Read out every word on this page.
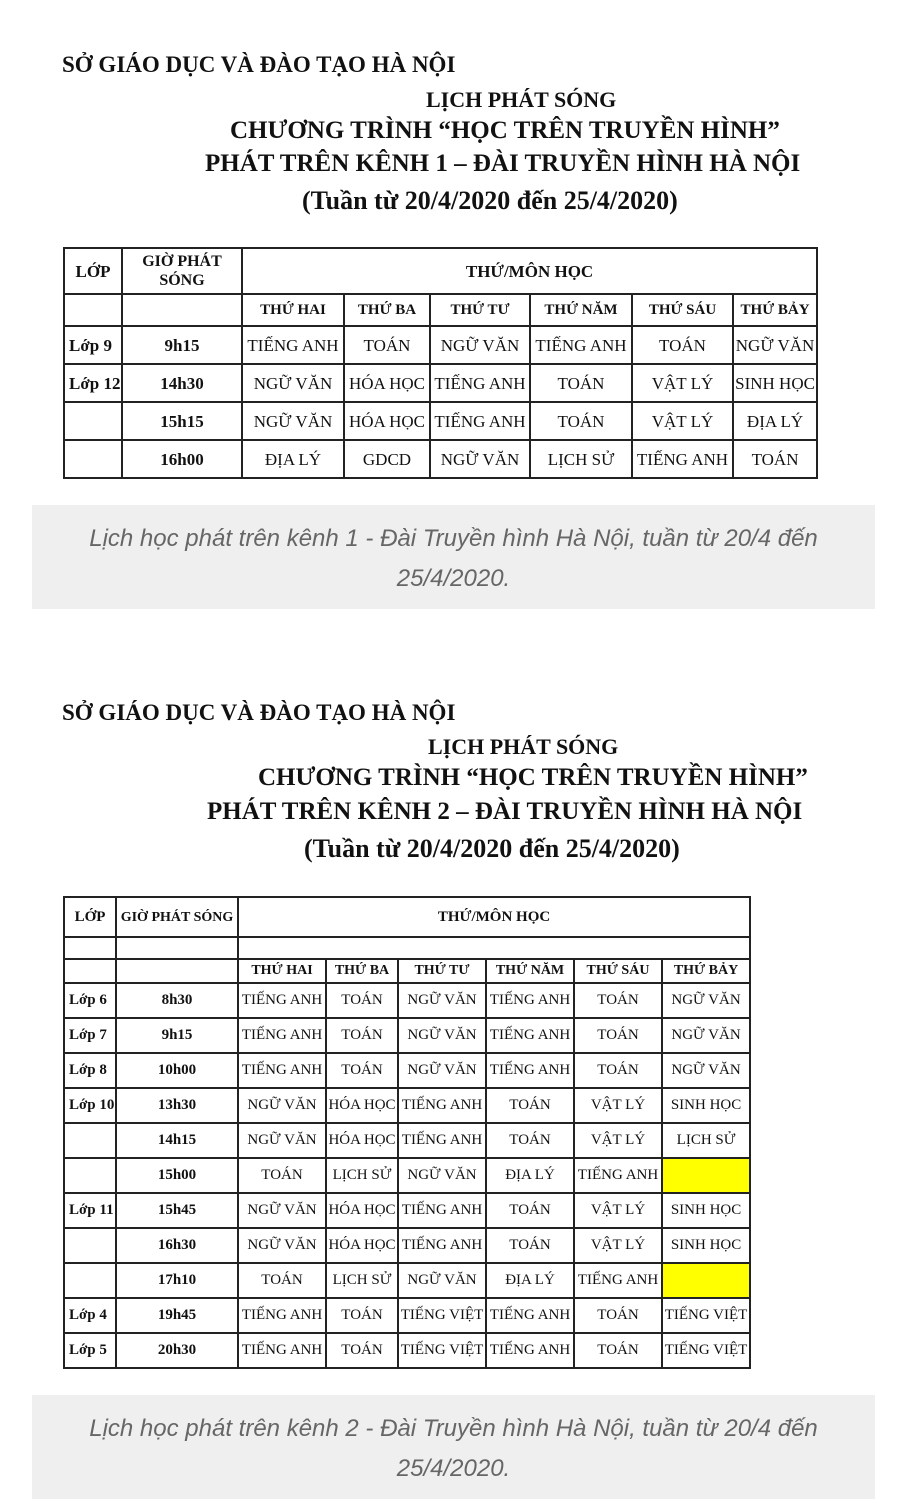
SỞ GIÁO DỤC VÀ ĐÀO TẠO HÀ NỘI
LỊCH PHÁT SÓNG
CHƯƠNG TRÌNH “HỌC TRÊN TRUYỀN HÌNH”
PHÁT TRÊN KÊNH 1 – ĐÀI TRUYỀN HÌNH HÀ NỘI
(Tuần từ 20/4/2020 đến 25/4/2020)
LỚP	GIỜ PHÁT SÓNG	THỨ/MÔN HỌC					
		THỨ HAI	THỨ BA	THỨ TƯ	THỨ NĂM	THỨ SÁU	THỨ BẢY
Lớp 9	9h15	TIẾNG ANH	TOÁN	NGỮ VĂN	TIẾNG ANH	TOÁN	NGỮ VĂN
Lớp 12	14h30	NGỮ VĂN	HÓA HỌC	TIẾNG ANH	TOÁN	VẬT LÝ	SINH HỌC
	15h15	NGỮ VĂN	HÓA HỌC	TIẾNG ANH	TOÁN	VẬT LÝ	ĐỊA LÝ
	16h00	ĐỊA LÝ	GDCD	NGỮ VĂN	LỊCH SỬ	TIẾNG ANH	TOÁN
Lịch học phát trên kênh 1 - Đài Truyền hình Hà Nội, tuần từ 20/4 đến 25/4/2020.
SỞ GIÁO DỤC VÀ ĐÀO TẠO HÀ NỘI
LỊCH PHÁT SÓNG
CHƯƠNG TRÌNH “HỌC TRÊN TRUYỀN HÌNH”
PHÁT TRÊN KÊNH 2 – ĐÀI TRUYỀN HÌNH HÀ NỘI
(Tuần từ 20/4/2020 đến 25/4/2020)
LỚP	GIỜ PHÁT SÓNG	THỨ/MÔN HỌC					

		THỨ HAI	THỨ BA	THỨ TƯ	THỨ NĂM	THỨ SÁU	THỨ BẢY
Lớp 6	8h30	TIẾNG ANH	TOÁN	NGỮ VĂN	TIẾNG ANH	TOÁN	NGỮ VĂN
Lớp 7	9h15	TIẾNG ANH	TOÁN	NGỮ VĂN	TIẾNG ANH	TOÁN	NGỮ VĂN
Lớp 8	10h00	TIẾNG ANH	TOÁN	NGỮ VĂN	TIẾNG ANH	TOÁN	NGỮ VĂN
Lớp 10	13h30	NGỮ VĂN	HÓA HỌC	TIẾNG ANH	TOÁN	VẬT LÝ	SINH HỌC
	14h15	NGỮ VĂN	HÓA HỌC	TIẾNG ANH	TOÁN	VẬT LÝ	LỊCH SỬ
	15h00	TOÁN	LỊCH SỬ	NGỮ VĂN	ĐỊA LÝ	TIẾNG ANH	
Lớp 11	15h45	NGỮ VĂN	HÓA HỌC	TIẾNG ANH	TOÁN	VẬT LÝ	SINH HỌC
	16h30	NGỮ VĂN	HÓA HỌC	TIẾNG ANH	TOÁN	VẬT LÝ	SINH HỌC
	17h10	TOÁN	LỊCH SỬ	NGỮ VĂN	ĐỊA LÝ	TIẾNG ANH	
Lớp 4	19h45	TIẾNG ANH	TOÁN	TIẾNG VIỆT	TIẾNG ANH	TOÁN	TIẾNG VIỆT
Lớp 5	20h30	TIẾNG ANH	TOÁN	TIẾNG VIỆT	TIẾNG ANH	TOÁN	TIẾNG VIỆT
Lịch học phát trên kênh 2 - Đài Truyền hình Hà Nội, tuần từ 20/4 đến 25/4/2020.
